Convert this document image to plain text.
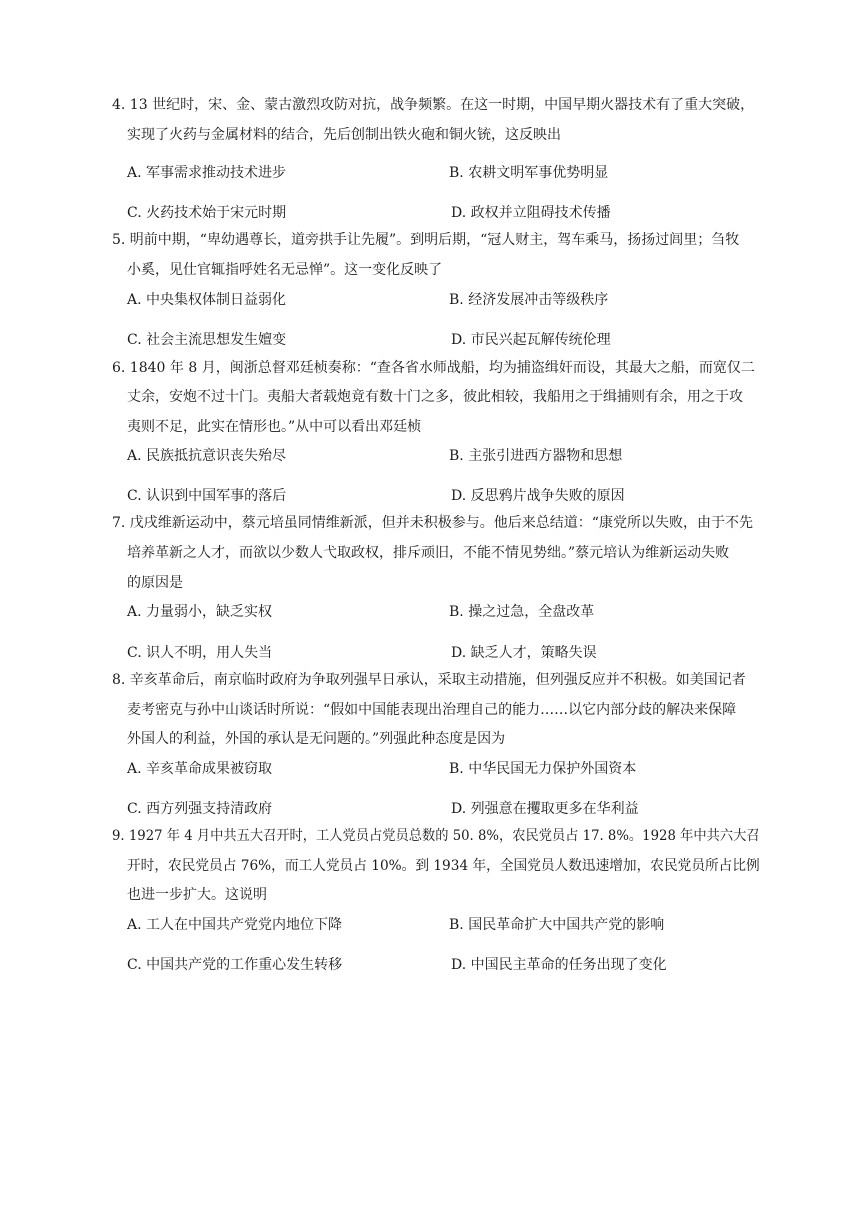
4. 13 世纪时，宋、金、蒙古激烈攻防对抗，战争频繁。在这一时期，中国早期火器技术有了重大突破，
实现了火药与金属材料的结合，先后创制出铁火砲和铜火铳，这反映出
A. 军事需求推动技术进步	B. 农耕文明军事优势明显
C. 火药技术始于宋元时期	D. 政权并立阻碍技术传播
5. 明前中期，“卑幼遇尊长，道旁拱手让先履”。到明后期，“冠人财主，驾车乘马，扬扬过闾里；刍牧
小奚，见仕官辄指呼姓名无忌惮”。这一变化反映了
A. 中央集权体制日益弱化	B. 经济发展冲击等级秩序
C. 社会主流思想发生嬗变	D. 市民兴起瓦解传统伦理
6. 1840 年 8 月，闽浙总督邓廷桢奏称：“查各省水师战船，均为捕盗缉奸而设，其最大之船，而宽仅二
丈余，安炮不过十门。夷船大者载炮竟有数十门之多，彼此相较，我船用之于缉捕则有余，用之于攻
夷则不足，此实在情形也。”从中可以看出邓廷桢
A. 民族抵抗意识丧失殆尽	B. 主张引进西方器物和思想
C. 认识到中国军事的落后	D. 反思鸦片战争失败的原因
7. 戊戌维新运动中，蔡元培虽同情维新派，但并未积极参与。他后来总结道：“康党所以失败，由于不先
培养革新之人才，而欲以少数人弋取政权，排斥顽旧，不能不情见势绌。”蔡元培认为维新运动失败
的原因是
A. 力量弱小，缺乏实权	B. 操之过急，全盘改革
C. 识人不明，用人失当	D. 缺乏人才，策略失误
8. 辛亥革命后，南京临时政府为争取列强早日承认，采取主动措施，但列强反应并不积极。如美国记者
麦考密克与孙中山谈话时所说：“假如中国能表现出治理自己的能力……以它内部分歧的解决来保障
外国人的利益，外国的承认是无问题的。”列强此种态度是因为
A. 辛亥革命成果被窃取	B. 中华民国无力保护外国资本
C. 西方列强支持清政府	D. 列强意在攫取更多在华利益
9. 1927 年 4 月中共五大召开时，工人党员占党员总数的 50. 8%，农民党员占 17. 8%。1928 年中共六大召
开时，农民党员占 76%，而工人党员占 10%。到 1934 年，全国党员人数迅速增加，农民党员所占比例
也进一步扩大。这说明
A. 工人在中国共产党党内地位下降	B. 国民革命扩大中国共产党的影响
C. 中国共产党的工作重心发生转移	D. 中国民主革命的任务出现了变化
